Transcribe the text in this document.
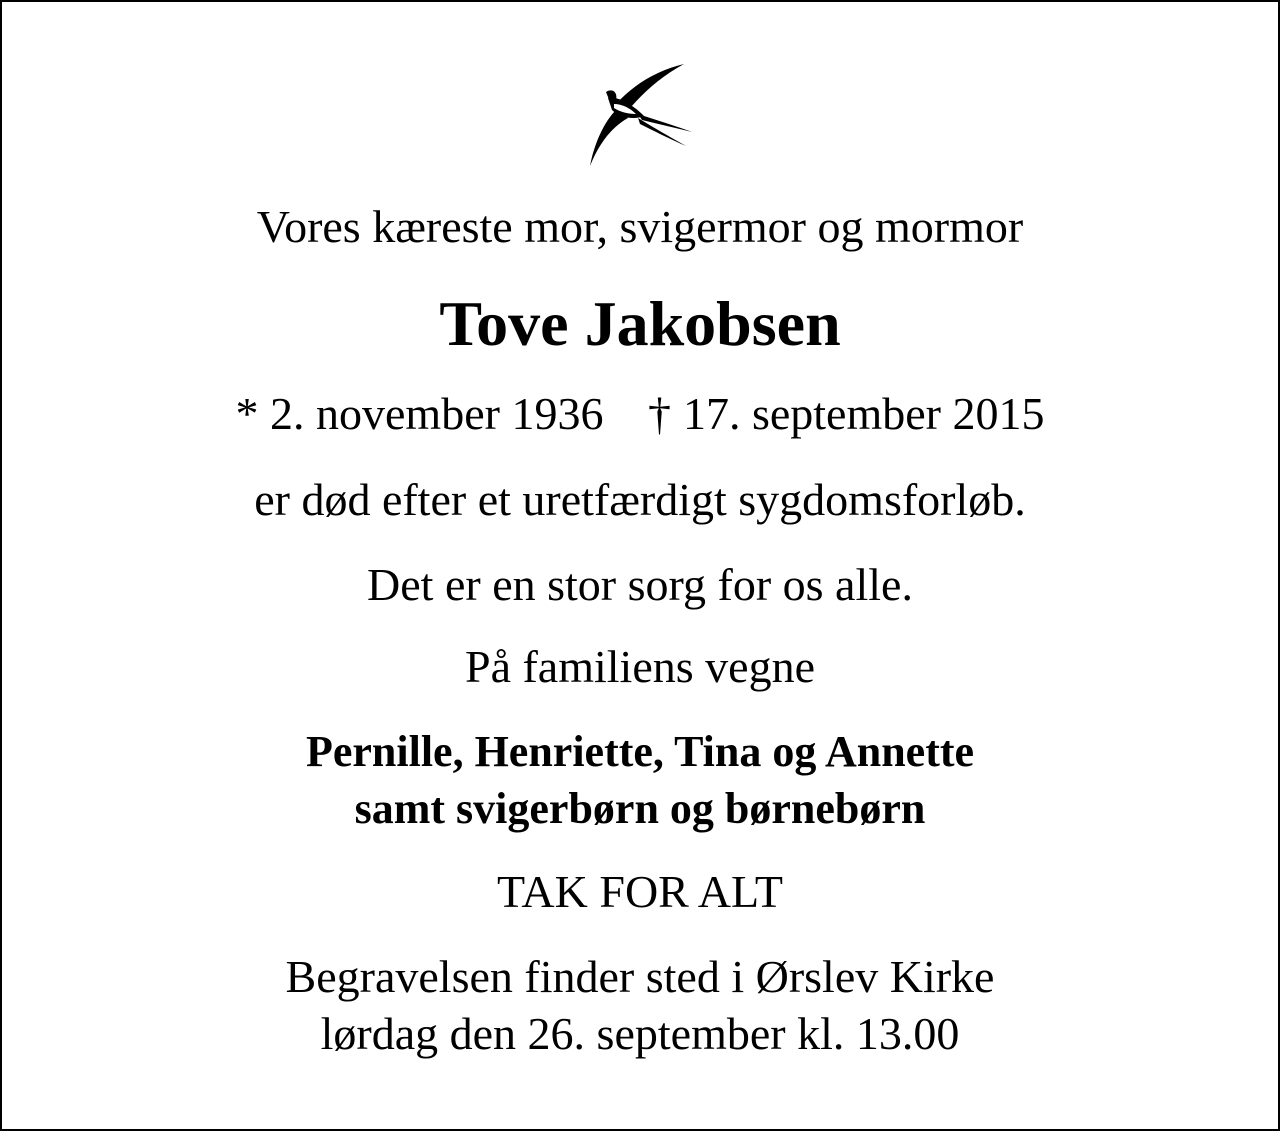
Vores kæreste mor, svigermor og mormor
Tove Jakobsen
* 2. november 1936 † 17. september 2015
er død efter et uretfærdigt sygdomsforløb.
Det er en stor sorg for os alle.
På familiens vegne
Pernille, Henriette, Tina og Annette
samt svigerbørn og børnebørn
TAK FOR ALT
Begravelsen finder sted i Ørslev Kirke
lørdag den 26. september kl. 13.00
